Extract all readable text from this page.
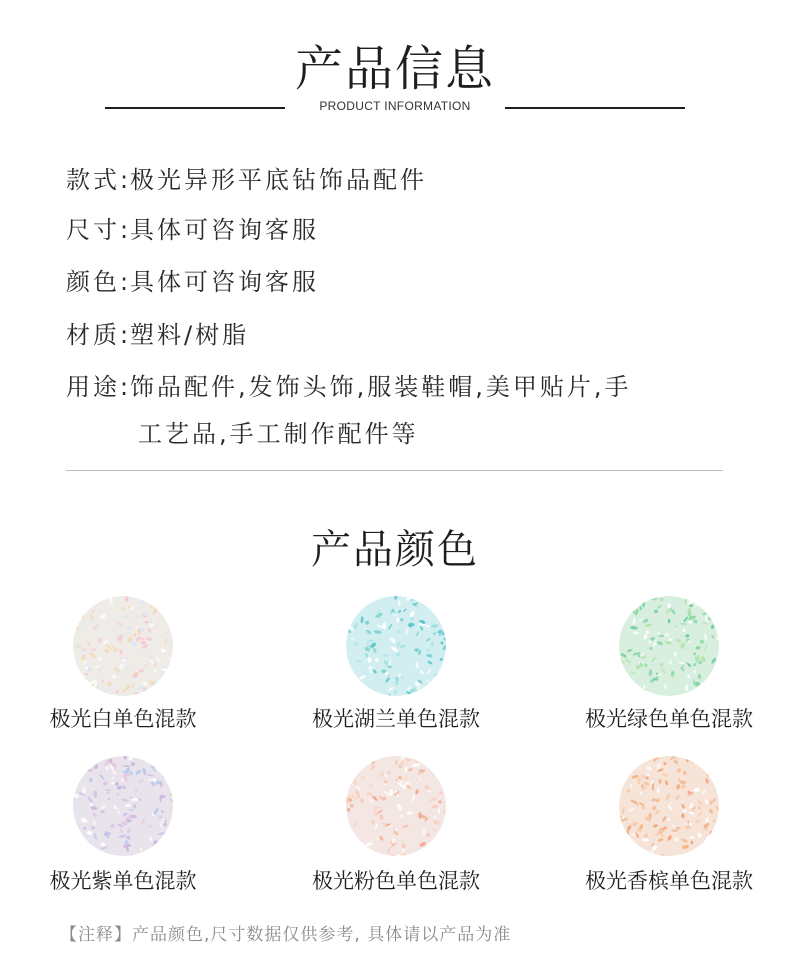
产品信息
PRODUCT INFORMATION
款式:极光异形平底钻饰品配件
尺寸:具体可咨询客服
颜色:具体可咨询客服
材质:塑料/树脂
用途:饰品配件,发饰头饰,服装鞋帽,美甲贴片,手
工艺品,手工制作配件等
产品颜色
极光白单色混款	极光湖兰单色混款	极光绿色单色混款
极光紫单色混款	极光粉色单色混款	极光香槟单色混款
【注释】产品颜色,尺寸数据仅供参考, 具体请以产品为准
